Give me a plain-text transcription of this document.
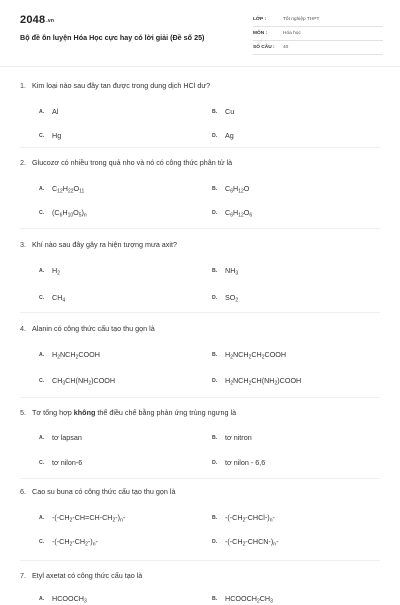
$2048^{.vn}$
Bộ đề ôn luyện Hóa Học cực hay có lời giải (Đề số 25)
LỚP :	Tốt nghiệp THPT
MÔN :	Hóa học
SỐ CÂU : 40
1. Kim loại nào sau đây tan được trong dung dịch HCl dư?
A. Al	B. Cu
C. Hg	D. Ag
2. Glucozơ có nhiều trong quả nho và nó có công thức phân tử là
A. $C_{12}H_{22}O_{11}$	B. $C_6H_{12}O$
C. $(C_6H_{10}O_5)_n$	D. $C_6H_{12}O_6$
3. Khí nào sau đây gây ra hiện tượng mưa axit?
A. $H_2$	B. $NH_3$
C. $CH_4$	D. $SO_2$
4. Alanin có công thức cấu tạo thu gọn là
A. $H_2NCH_2COOH$	B. $H_2NCH_2CH_2COOH$
C. $CH_3CH(NH_2)COOH$	D. $H_2NCH_2CH(NH_2)COOH$
5. Tơ tổng hợp không thể điều chế bằng phản ứng trùng ngưng là
A. tơ lapsan	B. tơ nitron
C. tơ nilon-6	D. tơ nilon - 6,6
6. Cao su buna có công thức cấu tạo thu gọn là
A. $-(-CH_2-CH=CH-CH_2-)_n-$	B. $-(-CH_2-CHCl-)_n-$
C. $-(-CH_2-CH_2-)_n-$	D. $-(-CH_2-CHCN-)_n-$
7. Etyl axetat có công thức cấu tạo là
A. $HCOOCH_3$	B. $HCOOCH_2CH_3$
